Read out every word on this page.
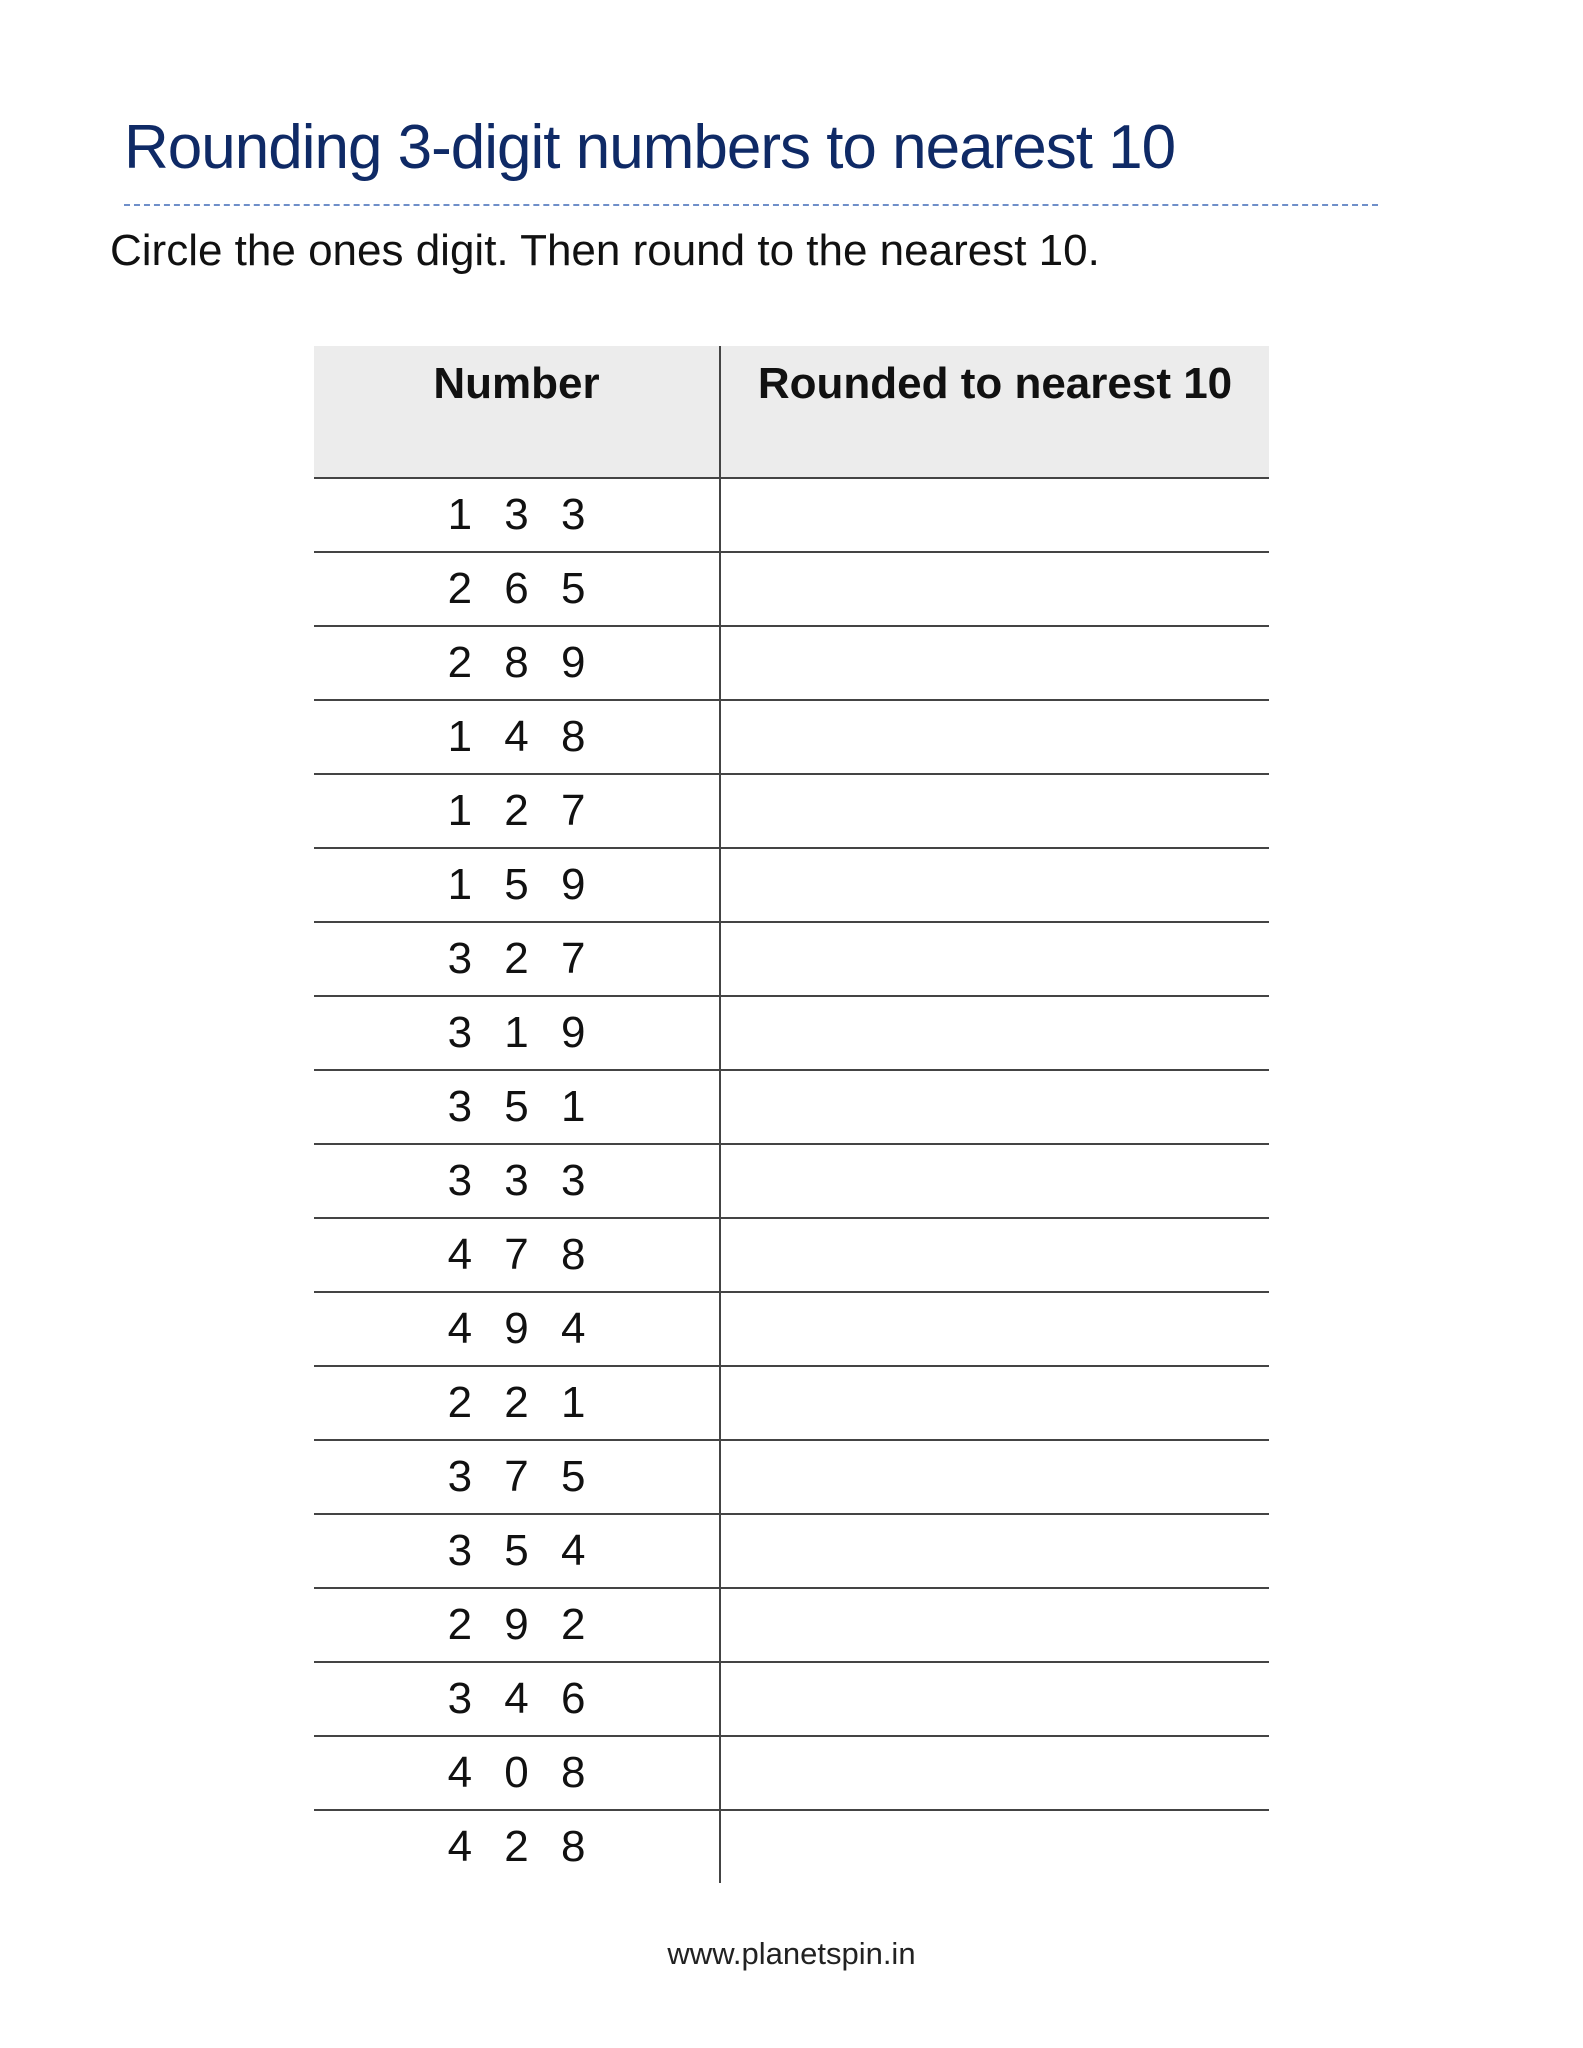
Rounding 3-digit numbers to nearest 10

Circle the ones digit. Then round to the nearest 10.

Number	Rounded to nearest 10
1 3 3	
2 6 5	
2 8 9	
1 4 8	
1 2 7	
1 5 9	
3 2 7	
3 1 9	
3 5 1	
3 3 3	
4 7 8	
4 9 4	
2 2 1	
3 7 5	
3 5 4	
2 9 2	
3 4 6	
4 0 8	
4 2 8	
www.planetspin.in
